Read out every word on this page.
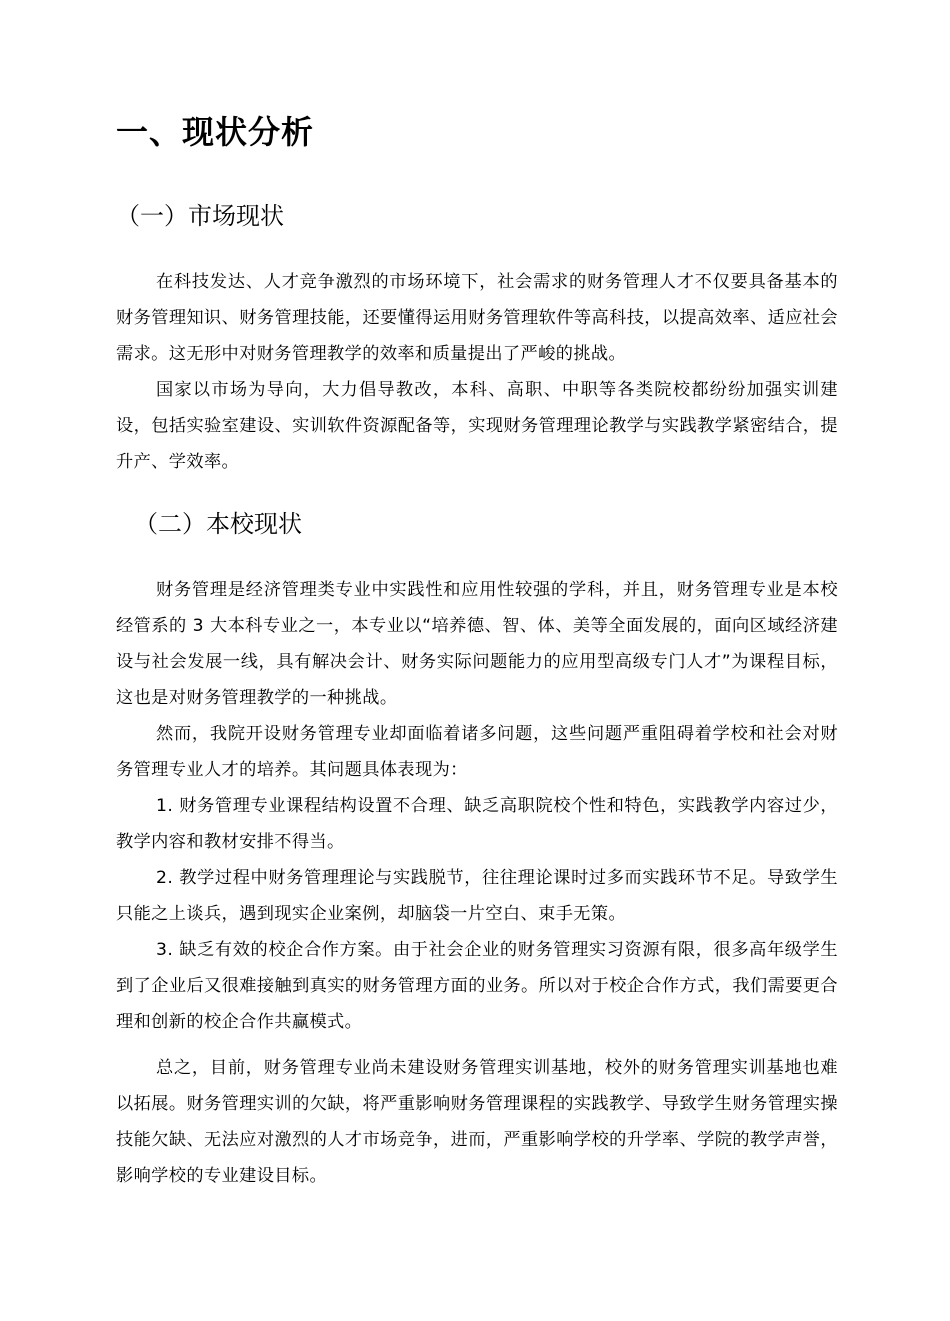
一、现状分析
（一）市场现状

在科技发达、人才竞争激烈的市场环境下，社会需求的财务管理人才不仅要具备基本的财务管理知识、财务管理技能，还要懂得运用财务管理软件等高科技，以提高效率、适应社会需求。这无形中对财务管理教学的效率和质量提出了严峻的挑战。

国家以市场为导向，大力倡导教改，本科、高职、中职等各类院校都纷纷加强实训建设，包括实验室建设、实训软件资源配备等，实现财务管理理论教学与实践教学紧密结合，提升产、学效率。

（二）本校现状

财务管理是经济管理类专业中实践性和应用性较强的学科，并且，财务管理专业是本校经管系的 3 大本科专业之一，本专业以“培养德、智、体、美等全面发展的，面向区域经济建设与社会发展一线，具有解决会计、财务实际问题能力的应用型高级专门人才”为课程目标，这也是对财务管理教学的一种挑战。

然而，我院开设财务管理专业却面临着诸多问题，这些问题严重阻碍着学校和社会对财务管理专业人才的培养。其问题具体表现为：

1. 财务管理专业课程结构设置不合理、缺乏高职院校个性和特色，实践教学内容过少，教学内容和教材安排不得当。

2. 教学过程中财务管理理论与实践脱节，往往理论课时过多而实践环节不足。导致学生只能之上谈兵，遇到现实企业案例，却脑袋一片空白、束手无策。

3. 缺乏有效的校企合作方案。由于社会企业的财务管理实习资源有限，很多高年级学生到了企业后又很难接触到真实的财务管理方面的业务。所以对于校企合作方式，我们需要更合理和创新的校企合作共赢模式。

总之，目前，财务管理专业尚未建设财务管理实训基地，校外的财务管理实训基地也难以拓展。财务管理实训的欠缺，将严重影响财务管理课程的实践教学、导致学生财务管理实操技能欠缺、无法应对激烈的人才市场竞争，进而，严重影响学校的升学率、学院的教学声誉，影响学校的专业建设目标。
